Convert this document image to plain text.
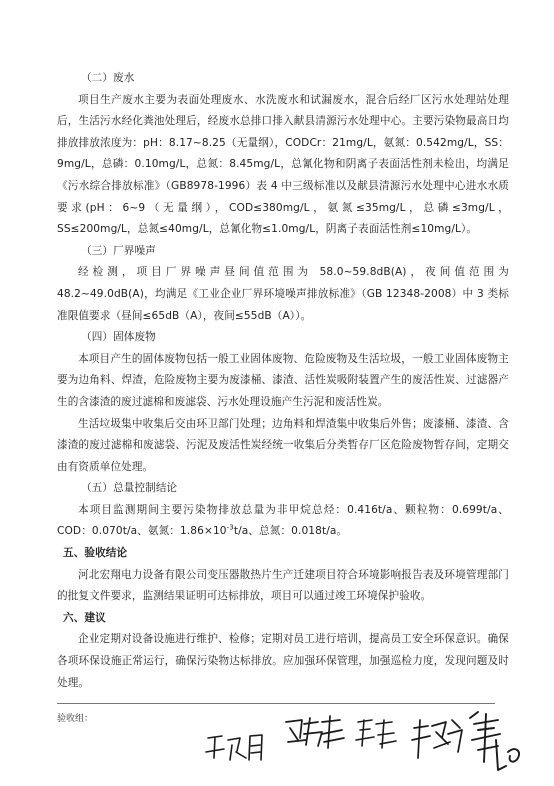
（二）废水

项目生产废水主要为表面处理废水、水洗废水和试漏废水，混合后经厂区污水处理站处理后，生活污水经化粪池处理后，经废水总排口排入献县清源污水处理中心。主要污染物最高日均排放排放浓度为：pH：8.17~8.25（无量纲），CODCr：21mg/L，氨氮：0.542mg/L，SS：9mg/L，总磷：0.10mg/L，总氮：8.45mg/L，总氰化物和阴离子表面活性剂未检出，均满足《污水综合排放标准》（GB8978-1996）表 4 中三级标准以及献县清源污水处理中心进水水质要求(pH：6~9（无量纲），COD≤380mg/L，氨氮≤35mg/L，总磷≤3mg/L，SS≤200mg/L，总氮≤40mg/L，总氰化物≤1.0mg/L，阴离子表面活性剂≤10mg/L）。

（三）厂界噪声

经检测，项目厂界噪声昼间值范围为 58.0~59.8dB(A)，夜间值范围为 48.2~49.0dB(A)，均满足《工业企业厂界环境噪声排放标准》（GB 12348-2008）中 3 类标准限值要求（昼间≤65dB（A），夜间≤55dB（A））。

（四）固体废物

本项目产生的固体废物包括一般工业固体废物、危险废物及生活垃圾，一般工业固体废物主要为边角料、焊渣，危险废物主要为废漆桶、漆渣、活性炭吸附装置产生的废活性炭、过滤器产生的含漆渣的废过滤棉和废滤袋、污水处理设施产生污泥和废活性炭。

生活垃圾集中收集后交由环卫部门处理；边角料和焊渣集中收集后外售；废漆桶、漆渣、含漆渣的废过滤棉和废滤袋、污泥及废活性炭经统一收集后分类暂存厂区危险废物暂存间，定期交由有资质单位处理。

（五）总量控制结论

本项目监测期间主要污染物排放总量为非甲烷总烃：0.416t/a、颗粒物：0.699t/a、COD：0.070t/a、氨氮：$1.86\times 10^{-3}t/a$、总氮：0.018t/a。

五、验收结论

河北宏翔电力设备有限公司变压器散热片生产迁建项目符合环境影响报告表及环境管理部门的批复文件要求，监测结果证明可达标排放，项目可以通过竣工环境保护验收。

六、建议

企业定期对设备设施进行维护、检修；定期对员工进行培训，提高员工安全环保意识。确保各项环保设施正常运行，确保污染物达标排放。应加强环保管理，加强巡检力度，发现问题及时处理。

验收组：
